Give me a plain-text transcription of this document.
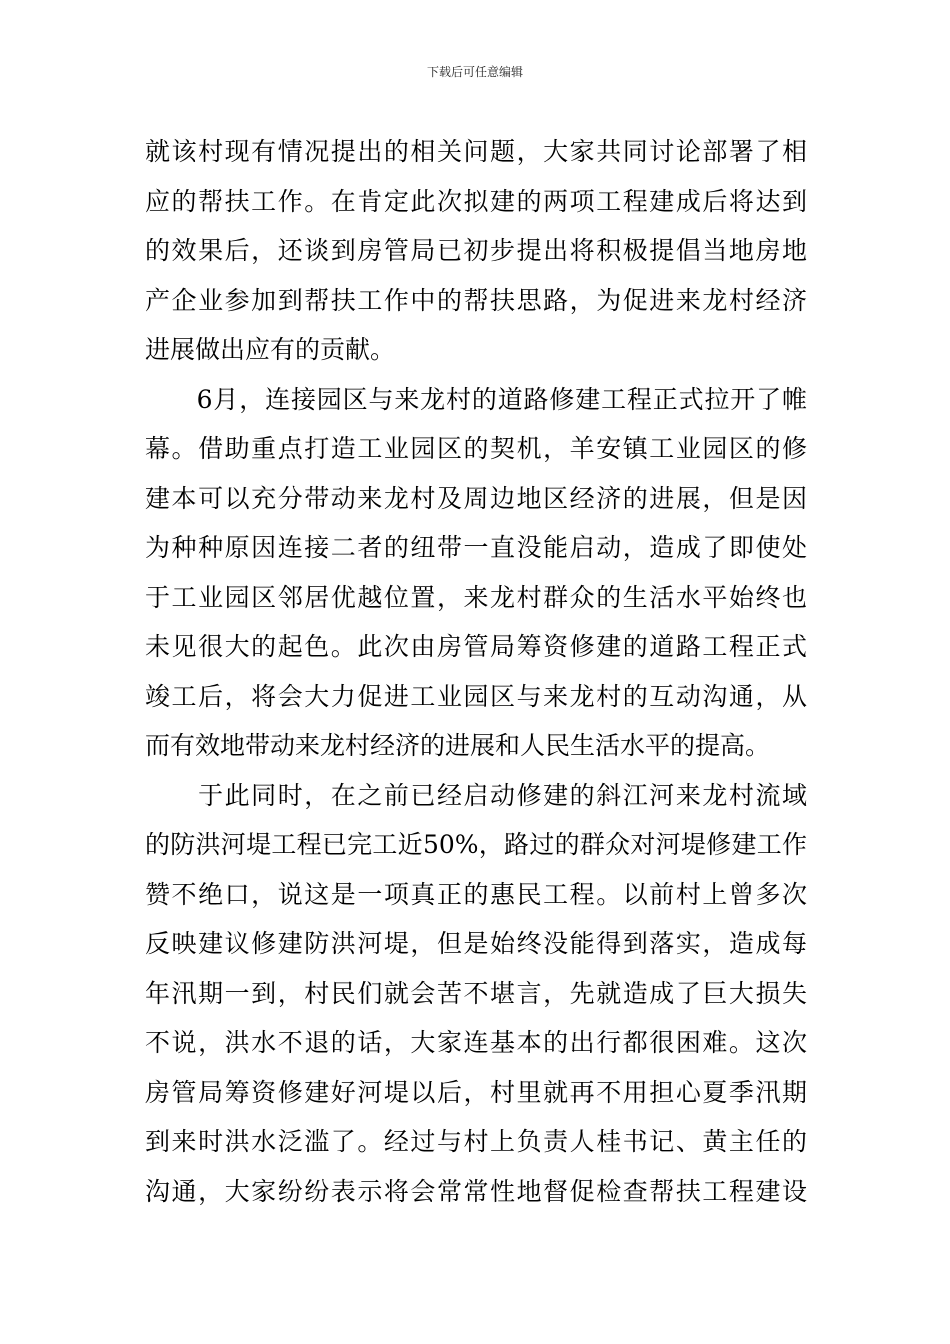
下载后可任意编辑
就该村现有情况提出的相关问题，大家共同讨论部署了相
应的帮扶工作。在肯定此次拟建的两项工程建成后将达到
的效果后，还谈到房管局已初步提出将积极提倡当地房地
产企业参加到帮扶工作中的帮扶思路，为促进来龙村经济
进展做出应有的贡献。
　　6月，连接园区与来龙村的道路修建工程正式拉开了帷
幕。借助重点打造工业园区的契机，羊安镇工业园区的修
建本可以充分带动来龙村及周边地区经济的进展，但是因
为种种原因连接二者的纽带一直没能启动，造成了即使处
于工业园区邻居优越位置，来龙村群众的生活水平始终也
未见很大的起色。此次由房管局筹资修建的道路工程正式
竣工后，将会大力促进工业园区与来龙村的互动沟通，从
而有效地带动来龙村经济的进展和人民生活水平的提高。
　　于此同时，在之前已经启动修建的斜江河来龙村流域
的防洪河堤工程已完工近50%，路过的群众对河堤修建工作
赞不绝口，说这是一项真正的惠民工程。以前村上曾多次
反映建议修建防洪河堤，但是始终没能得到落实，造成每
年汛期一到，村民们就会苦不堪言，先就造成了巨大损失
不说，洪水不退的话，大家连基本的出行都很困难。这次
房管局筹资修建好河堤以后，村里就再不用担心夏季汛期
到来时洪水泛滥了。经过与村上负责人桂书记、黄主任的
沟通，大家纷纷表示将会常常性地督促检查帮扶工程建设
